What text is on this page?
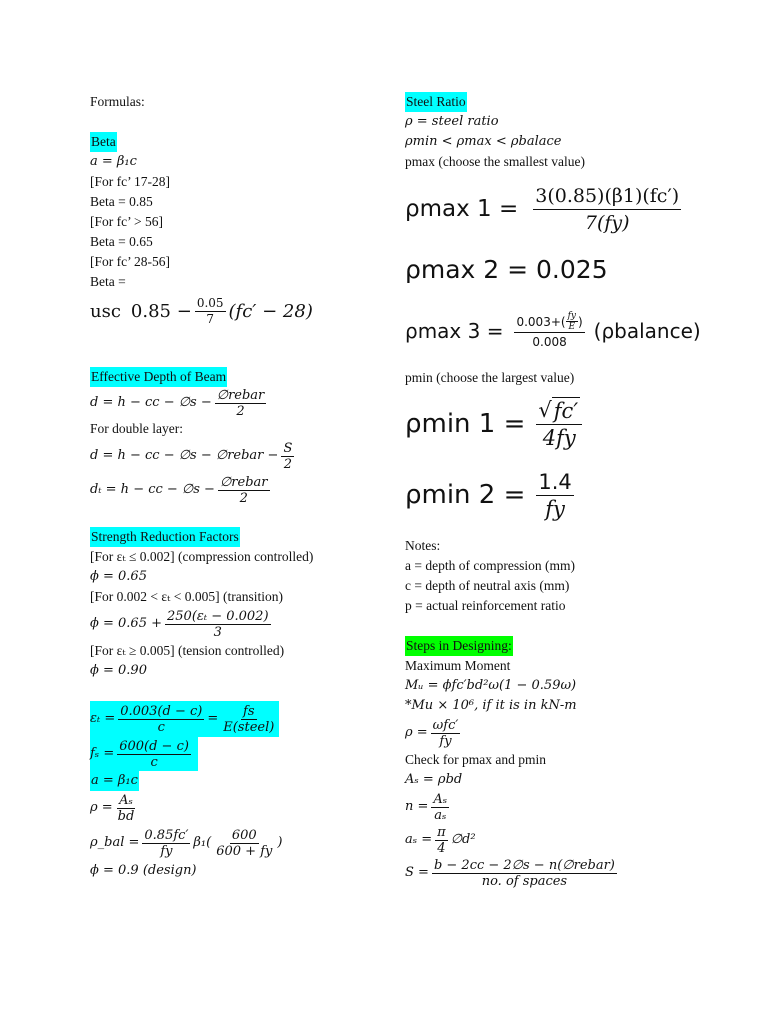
Formulas:
Beta
a = β₁c
[For fc’ 17-28]
Beta = 0.85
[For fc’ > 56]
Beta = 0.65
[For fc’ 28-56]
Beta =
usc $0.85 - \frac{0.05}{7} (fc' - 28)$
Effective Depth of Beam
d = h − cc − ∅s − $\frac{\text{∅rebar}}{2}$
For double layer:
d = h − cc − ∅s − ∅rebar − $\frac{S}{2}$
dₜ = h − cc − ∅s − $\frac{\text{∅rebar}}{2}$
Strength Reduction Factors
[For εₜ ≤ 0.002] (compression controlled)
ϕ = 0.65
[For 0.002 < εₜ < 0.005] (transition)
$\phi = 0.65 + \frac{\text{250(εₜ − 0.002)}}{3}$
[For εₜ ≥ 0.005] (tension controlled)
ϕ = 0.90
$\varepsilon_t = \frac{0.003(d - c)}{c} = \frac{fs}{\text{E(steel)}}$
$f_s = \frac{600(d - c)}{c}$
a = β₁c
$\rho = \frac{\text{Aₛ}}{bd}$
ρ_bal = $\frac{0.85fc'}{fy} \beta_1( \frac{600}{600 + fy}$ )
ϕ = 0.9 (design)
Steel Ratio
ρ = steel ratio
ρmin < ρmax < ρbalace
pmax (choose the smallest value)
ρmax $1 = \frac{3(0.85)(\beta 1)(fc')}{7(fy)}$
ρmax 2 = 0.025
ρmax $3 = \frac{0.003+( \frac{fy}{E} )}{0.008}$ (ρbalance)
pmin (choose the largest value)
ρmin $1 = \frac{√ fc'}{4fy}$
ρmin $2 = \frac{1.4}{fy}$
Notes:
a = depth of compression (mm)
c = depth of neutral axis (mm)
p = actual reinforcement ratio
Steps in Designing:
Maximum Moment
Mᵤ = ϕfc′bd²ω(1 − 0.59ω)
*Mu × 10⁶, if it is in kN-m
$\rho = \frac{\text{ωfc′}}{fy}$
Check for pmax and pmin
Aₛ = ρbd
$n = \frac{\text{Aₛ}}{\text{aₛ}}$
$a_s = \frac{\pi}{4}$ ∅d²
$S = \frac{\text{b − 2cc − 2∅s − n(∅rebar)}}{\text{no. of spaces}}$
